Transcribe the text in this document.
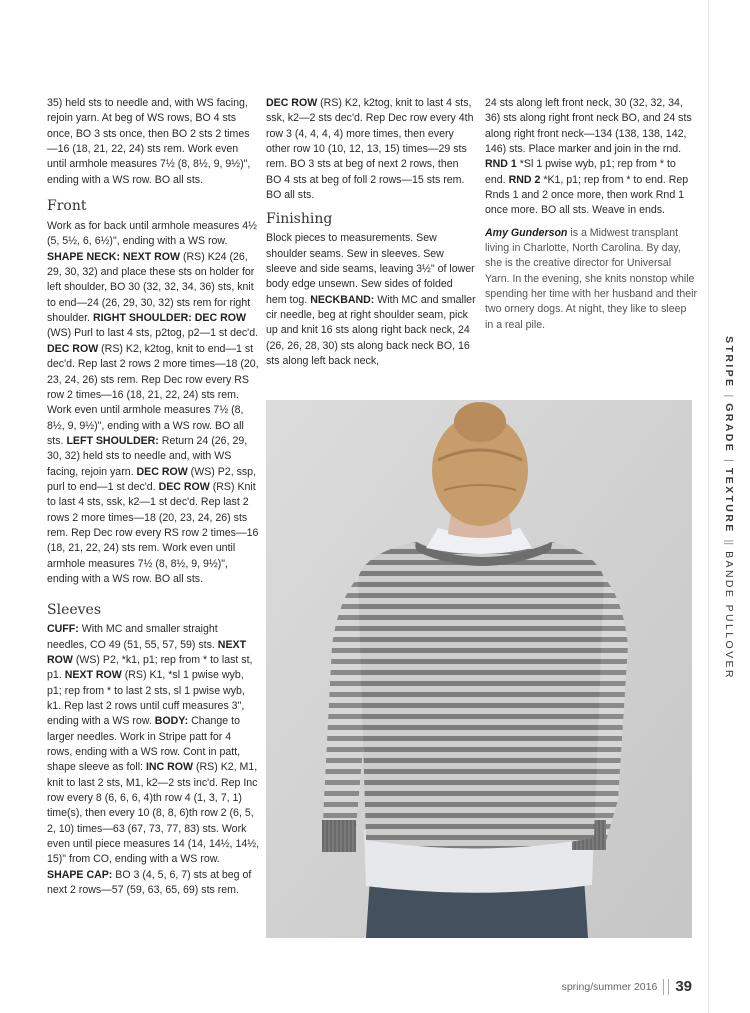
35) held sts to needle and, with WS facing, rejoin yarn. At beg of WS rows, BO 4 sts once, BO 3 sts once, then BO 2 sts 2 times—16 (18, 21, 22, 24) sts rem. Work even until armhole measures 7½ (8, 8½, 9, 9½)", ending with a WS row. BO all sts.

Front

Work as for back until armhole measures 4½ (5, 5½, 6, 6½)", ending with a WS row. SHAPE NECK: NEXT ROW (RS) K24 (26, 29, 30, 32) and place these sts on holder for left shoulder, BO 30 (32, 32, 34, 36) sts, knit to end—24 (26, 29, 30, 32) sts rem for right shoulder. RIGHT SHOULDER: DEC ROW (WS) Purl to last 4 sts, p2tog, p2—1 st dec'd. DEC ROW (RS) K2, k2tog, knit to end—1 st dec'd. Rep last 2 rows 2 more times—18 (20, 23, 24, 26) sts rem. Rep Dec row every RS row 2 times—16 (18, 21, 22, 24) sts rem. Work even until armhole measures 7½ (8, 8½, 9, 9½)", ending with a WS row. BO all sts. LEFT SHOULDER: Return 24 (26, 29, 30, 32) held sts to needle and, with WS facing, rejoin yarn. DEC ROW (WS) P2, ssp, purl to end—1 st dec'd. DEC ROW (RS) Knit to last 4 sts, ssk, k2—1 st dec'd. Rep last 2 rows 2 more times—18 (20, 23, 24, 26) sts rem. Rep Dec row every RS row 2 times—16 (18, 21, 22, 24) sts rem. Work even until armhole measures 7½ (8, 8½, 9, 9½)", ending with a WS row. BO all sts.

Sleeves

CUFF: With MC and smaller straight needles, CO 49 (51, 55, 57, 59) sts. NEXT ROW (WS) P2, *k1, p1; rep from * to last st, p1. NEXT ROW (RS) K1, *sl 1 pwise wyb, p1; rep from * to last 2 sts, sl 1 pwise wyb, k1. Rep last 2 rows until cuff measures 3", ending with a WS row. BODY: Change to larger needles. Work in Stripe patt for 4 rows, ending with a WS row. Cont in patt, shape sleeve as foll: INC ROW (RS) K2, M1, knit to last 2 sts, M1, k2—2 sts inc'd. Rep Inc row every 8 (6, 6, 6, 4)th row 4 (1, 3, 7, 1) time(s), then every 10 (8, 8, 6)th row 2 (6, 5, 2, 10) times—63 (67, 73, 77, 83) sts. Work even until piece measures 14 (14, 14½, 14½, 15)" from CO, ending with a WS row. SHAPE CAP: BO 3 (4, 5, 6, 7) sts at beg of next 2 rows—57 (59, 63, 65, 69) sts rem.

DEC ROW (RS) K2, k2tog, knit to last 4 sts, ssk, k2—2 sts dec'd. Rep Dec row every 4th row 3 (4, 4, 4, 4) more times, then every other row 10 (10, 12, 13, 15) times—29 sts rem. BO 3 sts at beg of next 2 rows, then BO 4 sts at beg of foll 2 rows—15 sts rem. BO all sts.

Finishing

Block pieces to measurements. Sew shoulder seams. Sew in sleeves. Sew sleeve and side seams, leaving 3½" of lower body edge unsewn. Sew sides of folded hem tog. NECKBAND: With MC and smaller cir needle, beg at right shoulder seam, pick up and knit 16 sts along right back neck, 24 (26, 26, 28, 30) sts along back neck BO, 16 sts along left back neck,

24 sts along left front neck, 30 (32, 32, 34, 36) sts along right front neck BO, and 24 sts along right front neck—134 (138, 138, 142, 146) sts. Place marker and join in the rnd. RND 1 *Sl 1 pwise wyb, p1; rep from * to end. RND 2 *K1, p1; rep from * to end. Rep Rnds 1 and 2 once more, then work Rnd 1 once more. BO all sts. Weave in ends.

Amy Gunderson is a Midwest transplant living in Charlotte, North Carolina. By day, she is the creative director for Universal Yarn. In the evening, she knits nonstop while spending her time with her husband and their two ornery dogs. At night, they like to sleep in a real pile.

STRIPE|GRADE|TEXTURE||BANDE PULLOVER
spring/summer 2016 39
